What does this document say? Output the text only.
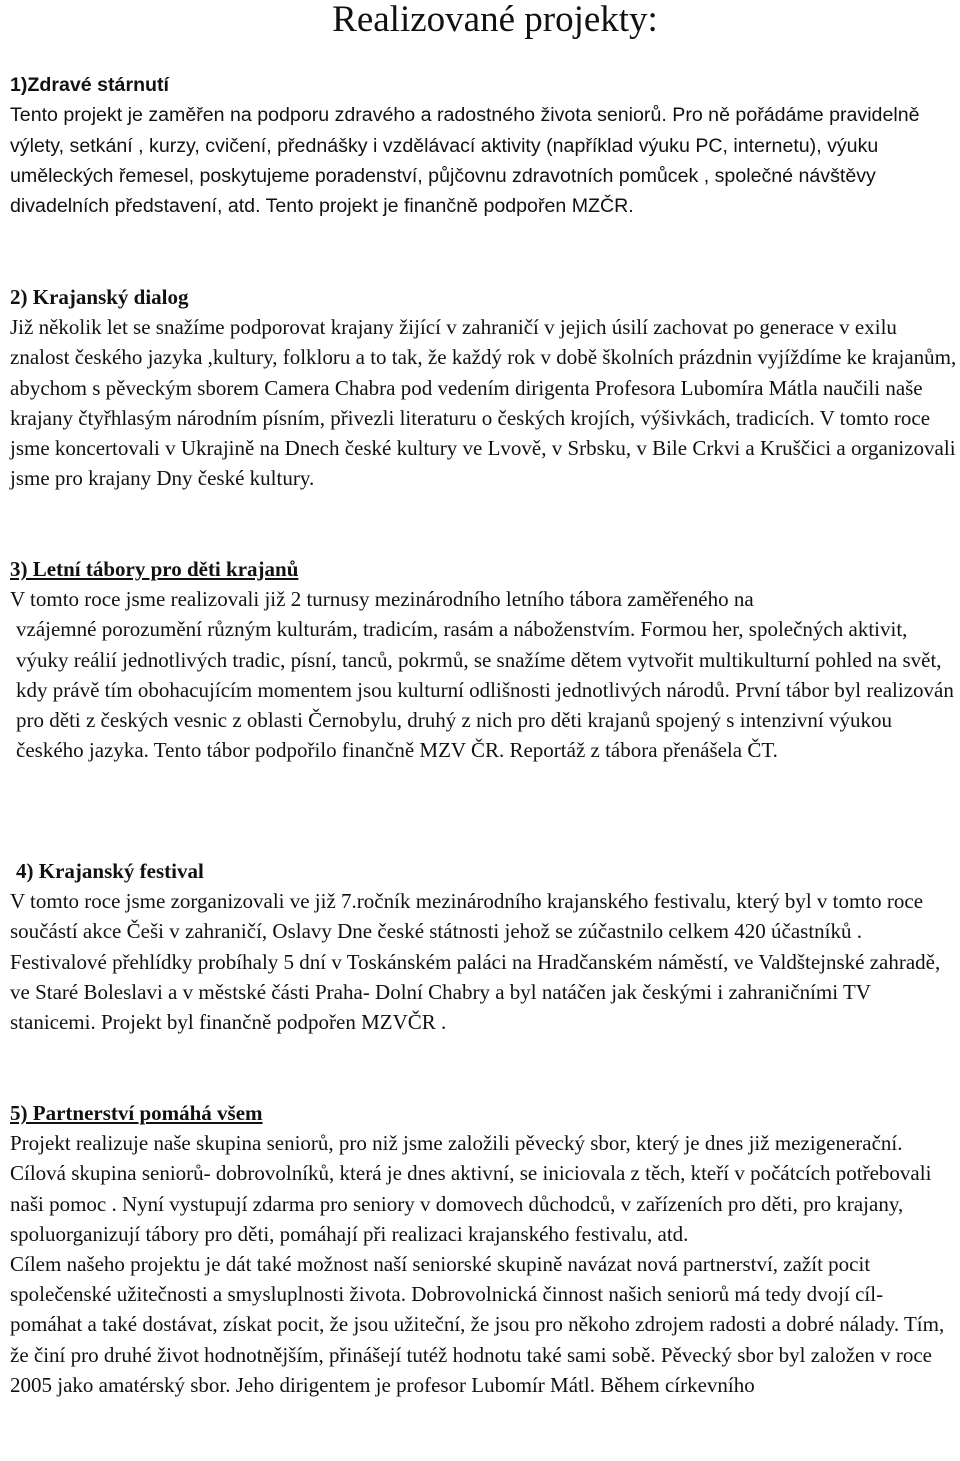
Realizované projekty:
1)Zdravé stárnutí
Tento projekt je zaměřen na podporu zdravého a radostného života seniorů. Pro ně pořádáme pravidelně výlety, setkání , kurzy, cvičení, přednášky i vzdělávací aktivity (například výuku PC, internetu), výuku uměleckých řemesel, poskytujeme poradenství, půjčovnu zdravotních pomůcek , společné návštěvy divadelních představení, atd. Tento projekt je finančně podpořen MZČR.
2) Krajanský dialog
Již několik let se snažíme podporovat krajany žijící v zahraničí v jejich úsilí zachovat po generace v exilu znalost českého jazyka ,kultury, folkloru a to tak, že každý rok v době školních prázdnin vyjíždíme ke krajanům, abychom s pěveckým sborem Camera Chabra pod vedením dirigenta Profesora Lubomíra Mátla naučili naše krajany čtyřhlasým národním písním, přivezli literaturu o českých krojích, výšivkách, tradicích. V tomto roce jsme koncertovali v Ukrajině na Dnech české kultury ve Lvově, v Srbsku, v Bile Crkvi a Kruščici a organizovali jsme pro krajany Dny české kultury.
3) Letní tábory pro děti krajanů
V tomto roce jsme realizovali již 2 turnusy mezinárodního letního tábora zaměřeného na
vzájemné porozumění různým kulturám, tradicím, rasám a náboženstvím. Formou her, společných aktivit, výuky reálií jednotlivých tradic, písní, tanců, pokrmů, se snažíme dětem vytvořit multikulturní pohled na svět, kdy právě tím obohacujícím momentem jsou kulturní odlišnosti jednotlivých národů. První tábor byl realizován pro děti z českých vesnic z oblasti Černobylu, druhý z nich pro děti krajanů spojený s intenzivní výukou českého jazyka. Tento tábor podpořilo finančně MZV ČR. Reportáž z tábora přenášela ČT.
4) Krajanský festival
V tomto roce jsme zorganizovali ve již 7.ročník mezinárodního krajanského festivalu, který byl v tomto roce součástí akce Češi v zahraničí, Oslavy Dne české státnosti jehož se zúčastnilo celkem 420 účastníků . Festivalové přehlídky probíhaly 5 dní v Toskánském paláci na Hradčanském náměstí, ve Valdštejnské zahradě, ve Staré Boleslavi a v městské části Praha- Dolní Chabry a byl natáčen jak českými i zahraničními TV stanicemi. Projekt byl finančně podpořen MZVČR .
5) Partnerství pomáhá všem
Projekt realizuje naše skupina seniorů, pro niž jsme založili pěvecký sbor, který je dnes již mezigenerační. Cílová skupina seniorů- dobrovolníků, která je dnes aktivní, se iniciovala z těch, kteří v počátcích potřebovali naši pomoc . Nyní vystupují zdarma pro seniory v domovech důchodců, v zařízeních pro děti, pro krajany, spoluorganizují tábory pro děti, pomáhají při realizaci krajanského festivalu, atd.
Cílem našeho projektu je dát také možnost naší seniorské skupině navázat nová partnerství, zažít pocit společenské užitečnosti a smysluplnosti života. Dobrovolnická činnost našich seniorů má tedy dvojí cíl- pomáhat a také dostávat, získat pocit, že jsou užiteční, že jsou pro někoho zdrojem radosti a dobré nálady. Tím, že činí pro druhé život hodnotnějším, přinášejí tutéž hodnotu také sami sobě. Pěvecký sbor byl založen v roce 2005 jako amatérský sbor. Jeho dirigentem je profesor Lubomír Mátl. Během církevního
